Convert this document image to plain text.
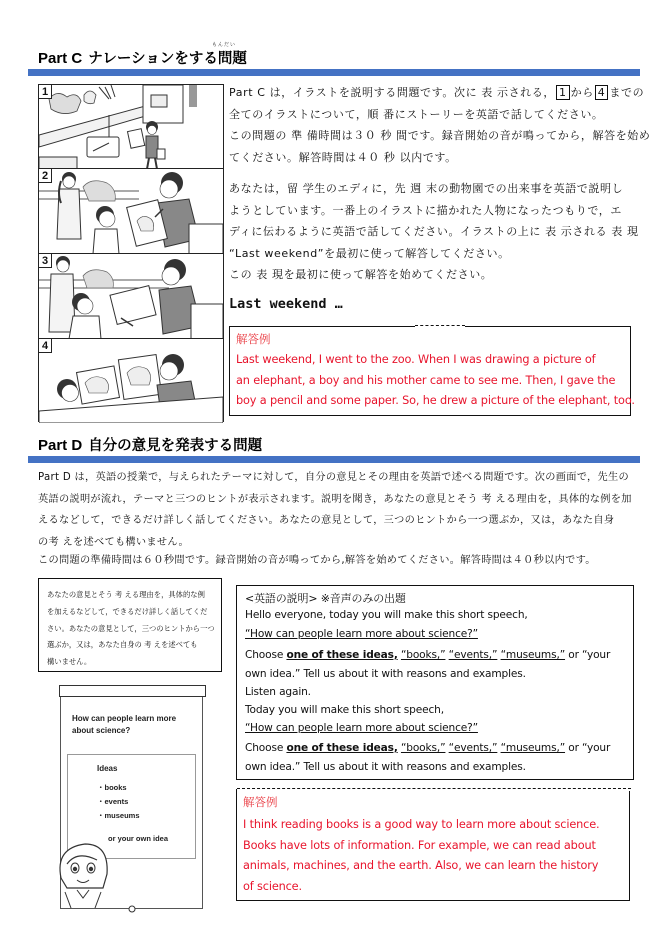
Part C ナレーションをする問題
もんだい
1
2
3
4

Part C は，イラストを説明する問題です。次に 表 示される， 1 から 4 までの

全てのイラストについて，順 番にストーリーを英語で話してください。

この問題の 準 備時間は３０ 秒 間です。録音開始の音が鳴ってから，解答を始め

てください。解答時間は４０ 秒 以内です。

あなたは，留 学生のエディに，先 週 末の動物園での出来事を英語で説明し

ようとしています。一番上のイラストに描かれた人物になったつもりで，エ

ディに伝わるように英語で話してください。イラストの上に 表 示される 表 現

“Last weekend”を最初に使って解答してください。

この 表 現を最初に使って解答を始めてください。

Last weekend …
解答例

Last weekend, I went to the zoo. When I was drawing a picture of

an elephant, a boy and his mother came to see me. Then, I gave the

boy a pencil and some paper. So, he drew a picture of the elephant, too.

Part D 自分の意見を発表する問題

Part D は，英語の授業で，与えられたテーマに対して，自分の意見とその理由を英語で述べる問題です。次の画面で，先生の

英語の説明が流れ，テーマと三つのヒントが表示されます。説明を聞き，あなたの意見とそう 考 える理由を，具体的な例を加

えるなどして，できるだけ詳しく話してください。あなたの意見として，三つのヒントから一つ選ぶか，又は，あなた自身

の考 えを述べても構いません。

この問題の準備時間は６０秒間です。録音開始の音が鳴ってから,解答を始めてください。解答時間は４０秒以内です。

あなたの意見とそう 考 える理由を，具体的な例

を加えるなどして，できるだけ詳しく話してくだ

さい。あなたの意見として，三つのヒントから一つ

選ぶか，又は，あなた自身の 考 えを述べても

構いません。

How can people learn more
about science?
Ideas
・books
・events
・museums
or your own idea
<英語の説明> ※音声のみの出題
Hello everyone, today you will make this short speech,
“How can people learn more about science?”
Choose one of these ideas, “books,” “events,” “museums,” or “your
own idea.” Tell us about it with reasons and examples.
Listen again.
Today you will make this short speech,
“How can people learn more about science?”
Choose one of these ideas, “books,” “events,” “museums,” or “your
own idea.” Tell us about it with reasons and examples.
解答例

I think reading books is a good way to learn more about science.

Books have lots of information. For example, we can read about

animals, machines, and the earth. Also, we can learn the history

of science.
